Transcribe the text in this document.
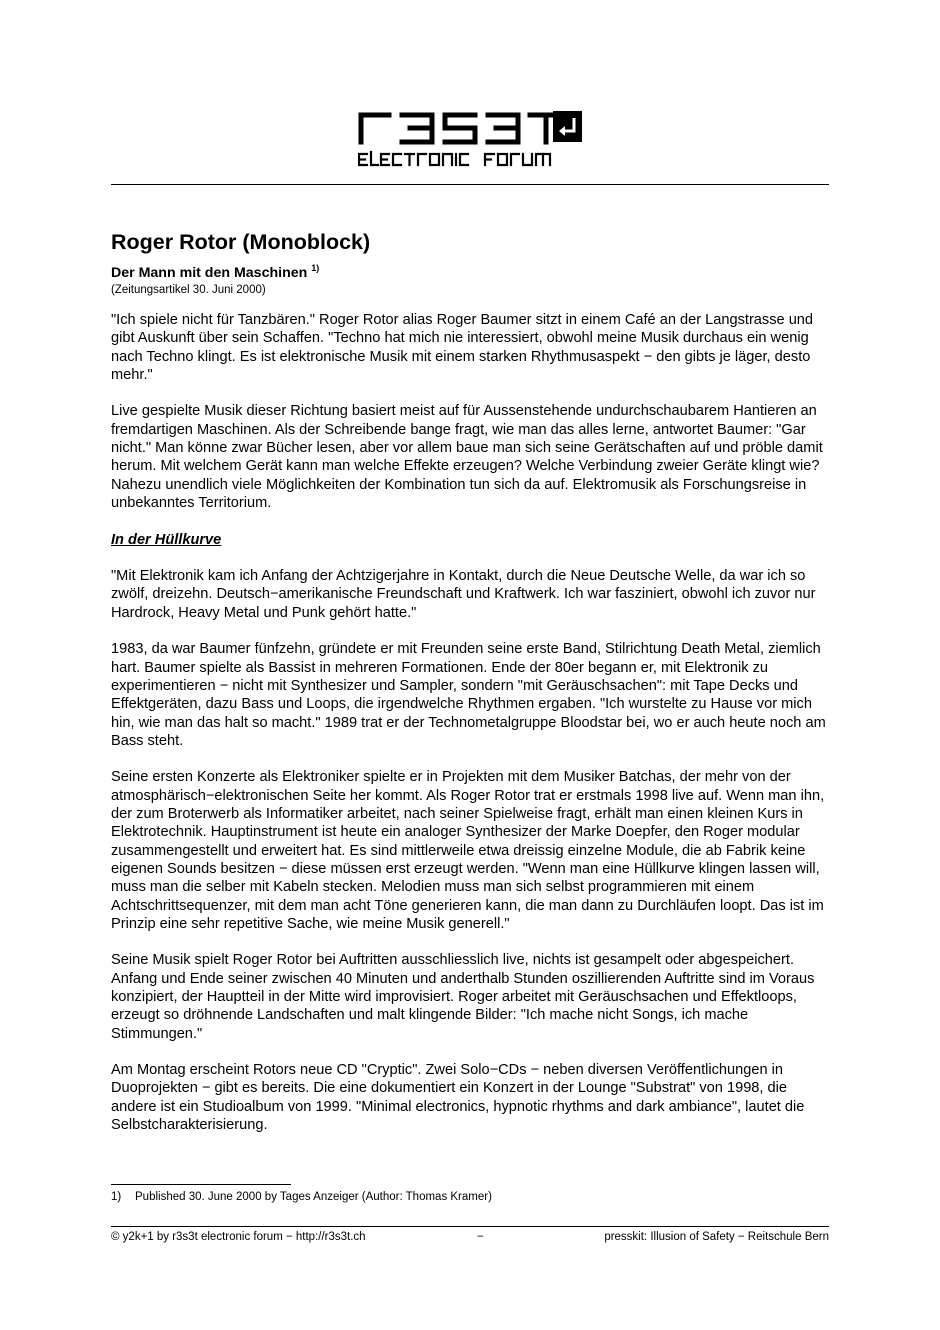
Roger Rotor (Monoblock)
Der Mann mit den Maschinen $^{1)}$

(Zeitungsartikel 30. Juni 2000)

"Ich spiele nicht für Tanzbären." Roger Rotor alias Roger Baumer sitzt in einem Café an der Langstrasse und gibt Auskunft über sein Schaffen. "Techno hat mich nie interessiert, obwohl meine Musik durchaus ein wenig nach Techno klingt. Es ist elektronische Musik mit einem starken Rhythmusaspekt − den gibts je läger, desto mehr."

Live gespielte Musik dieser Richtung basiert meist auf für Aussenstehende undurchschaubarem Hantieren an fremdartigen Maschinen. Als der Schreibende bange fragt, wie man das alles lerne, antwortet Baumer: "Gar nicht." Man könne zwar Bücher lesen, aber vor allem baue man sich seine Gerätschaften auf und pröble damit herum. Mit welchem Gerät kann man welche Effekte erzeugen? Welche Verbindung zweier Geräte klingt wie? Nahezu unendlich viele Möglichkeiten der Kombination tun sich da auf. Elektromusik als Forschungsreise in unbekanntes Territorium.

In der Hüllkurve

"Mit Elektronik kam ich Anfang der Achtzigerjahre in Kontakt, durch die Neue Deutsche Welle, da war ich so zwölf, dreizehn. Deutsch−amerikanische Freundschaft und Kraftwerk. Ich war fasziniert, obwohl ich zuvor nur Hardrock, Heavy Metal und Punk gehört hatte."

1983, da war Baumer fünfzehn, gründete er mit Freunden seine erste Band, Stilrichtung Death Metal, ziemlich hart. Baumer spielte als Bassist in mehreren Formationen. Ende der 80er begann er, mit Elektronik zu experimentieren − nicht mit Synthesizer und Sampler, sondern "mit Geräuschsachen": mit Tape Decks und Effektgeräten, dazu Bass und Loops, die irgendwelche Rhythmen ergaben. "Ich wurstelte zu Hause vor mich hin, wie man das halt so macht." 1989 trat er der Technometalgruppe Bloodstar bei, wo er auch heute noch am Bass steht.

Seine ersten Konzerte als Elektroniker spielte er in Projekten mit dem Musiker Batchas, der mehr von der atmosphärisch−elektronischen Seite her kommt. Als Roger Rotor trat er erstmals 1998 live auf. Wenn man ihn, der zum Broterwerb als Informatiker arbeitet, nach seiner Spielweise fragt, erhält man einen kleinen Kurs in Elektrotechnik. Hauptinstrument ist heute ein analoger Synthesizer der Marke Doepfer, den Roger modular zusammengestellt und erweitert hat. Es sind mittlerweile etwa dreissig einzelne Module, die ab Fabrik keine eigenen Sounds besitzen − diese müssen erst erzeugt werden. "Wenn man eine Hüllkurve klingen lassen will, muss man die selber mit Kabeln stecken. Melodien muss man sich selbst programmieren mit einem Achtschrittsequenzer, mit dem man acht Töne generieren kann, die man dann zu Durchläufen loopt. Das ist im Prinzip eine sehr repetitive Sache, wie meine Musik generell."

Seine Musik spielt Roger Rotor bei Auftritten ausschliesslich live, nichts ist gesampelt oder abgespeichert. Anfang und Ende seiner zwischen 40 Minuten und anderthalb Stunden oszillierenden Auftritte sind im Voraus konzipiert, der Hauptteil in der Mitte wird improvisiert. Roger arbeitet mit Geräuschsachen und Effektloops, erzeugt so dröhnende Landschaften und malt klingende Bilder: "Ich mache nicht Songs, ich mache Stimmungen."

Am Montag erscheint Rotors neue CD "Cryptic". Zwei Solo−CDs − neben diversen Veröffentlichungen in Duoprojekten − gibt es bereits. Die eine dokumentiert ein Konzert in der Lounge "Substrat" von 1998, die andere ist ein Studioalbum von 1999. "Minimal electronics, hypnotic rhythms and dark ambiance", lautet die Selbstcharakterisierung.

1) Published 30. June 2000 by Tages Anzeiger (Author: Thomas Kramer)
© y2k+1 by r3s3t electronic forum − http://r3s3t.ch	−	presskit: Illusion of Safety − Reitschule Bern
